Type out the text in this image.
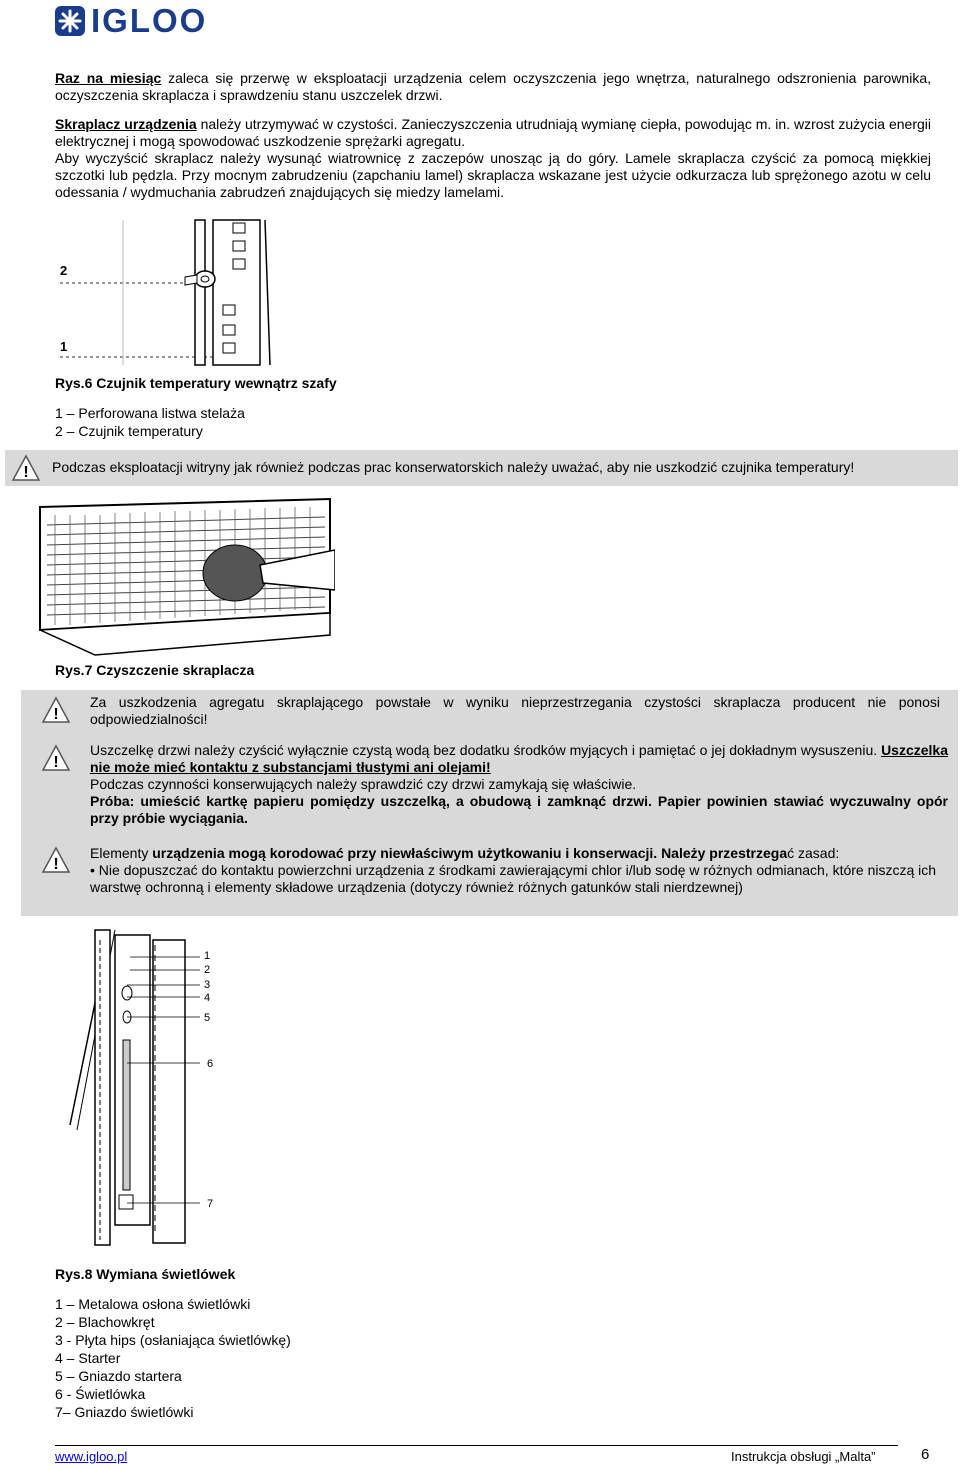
IGLOO
Raz na miesiąc zaleca się przerwę w eksploatacji urządzenia celem oczyszczenia jego wnętrza, naturalnego odszronienia parownika, oczyszczenia skraplacza i sprawdzeniu stanu uszczelek drzwi.
Skraplacz urządzenia należy utrzymywać w czystości. Zanieczyszczenia utrudniają wymianę ciepła, powodując m. in. wzrost zużycia energii elektrycznej i mogą spowodować uszkodzenie sprężarki agregatu.
Aby wyczyścić skraplacz należy wysunąć wiatrownicę z zaczepów unosząc ją do góry. Lamele skraplacza czyścić za pomocą miękkiej szczotki lub pędzla. Przy mocnym zabrudzeniu (zapchaniu lamel) skraplacza wskazane jest użycie odkurzacza lub sprężonego azotu w celu odessania / wydmuchania zabrudzeń znajdujących się miedzy lamelami.
2
1
Rys.6 Czujnik temperatury wewnątrz szafy
1 – Perforowana listwa stelaża
2 – Czujnik temperatury
! Podczas eksploatacji witryny jak również podczas prac konserwatorskich należy uważać, aby nie uszkodzić czujnika temperatury!
Rys.7 Czyszczenie skraplacza
!
Za uszkodzenia agregatu skraplającego powstałe w wyniku nieprzestrzegania czystości skraplacza producent nie ponosi odpowiedzialności!
!
Uszczelkę drzwi należy czyścić wyłącznie czystą wodą bez dodatku środków myjących i pamiętać o jej dokładnym wysuszeniu. Uszczelka nie może mieć kontaktu z substancjami tłustymi ani olejami!
Podczas czynności konserwujących należy sprawdzić czy drzwi zamykają się właściwie.
Próba: umieścić kartkę papieru pomiędzy uszczelką, a obudową i zamknąć drzwi. Papier powinien stawiać wyczuwalny opór przy próbie wyciągania.
!
Elementy urządzenia mogą korodować przy niewłaściwym użytkowaniu i konserwacji. Należy przestrzegać zasad:
• Nie dopuszczać do kontaktu powierzchni urządzenia z środkami zawierającymi chlor i/lub sodę w różnych odmianach, które niszczą ich warstwę ochronną i elementy składowe urządzenia (dotyczy również różnych gatunków stali nierdzewnej)
1
2
3
4
5
6
7
Rys.8 Wymiana świetlówek
1 – Metalowa osłona świetlówki
2 – Blachowkręt
3 - Płyta hips (osłaniająca świetlówkę)
4 – Starter
5 – Gniazdo startera
6 - Świetlówka
7– Gniazdo świetlówki
www.igloo.pl	Instrukcja obsługi „Malta”	6
